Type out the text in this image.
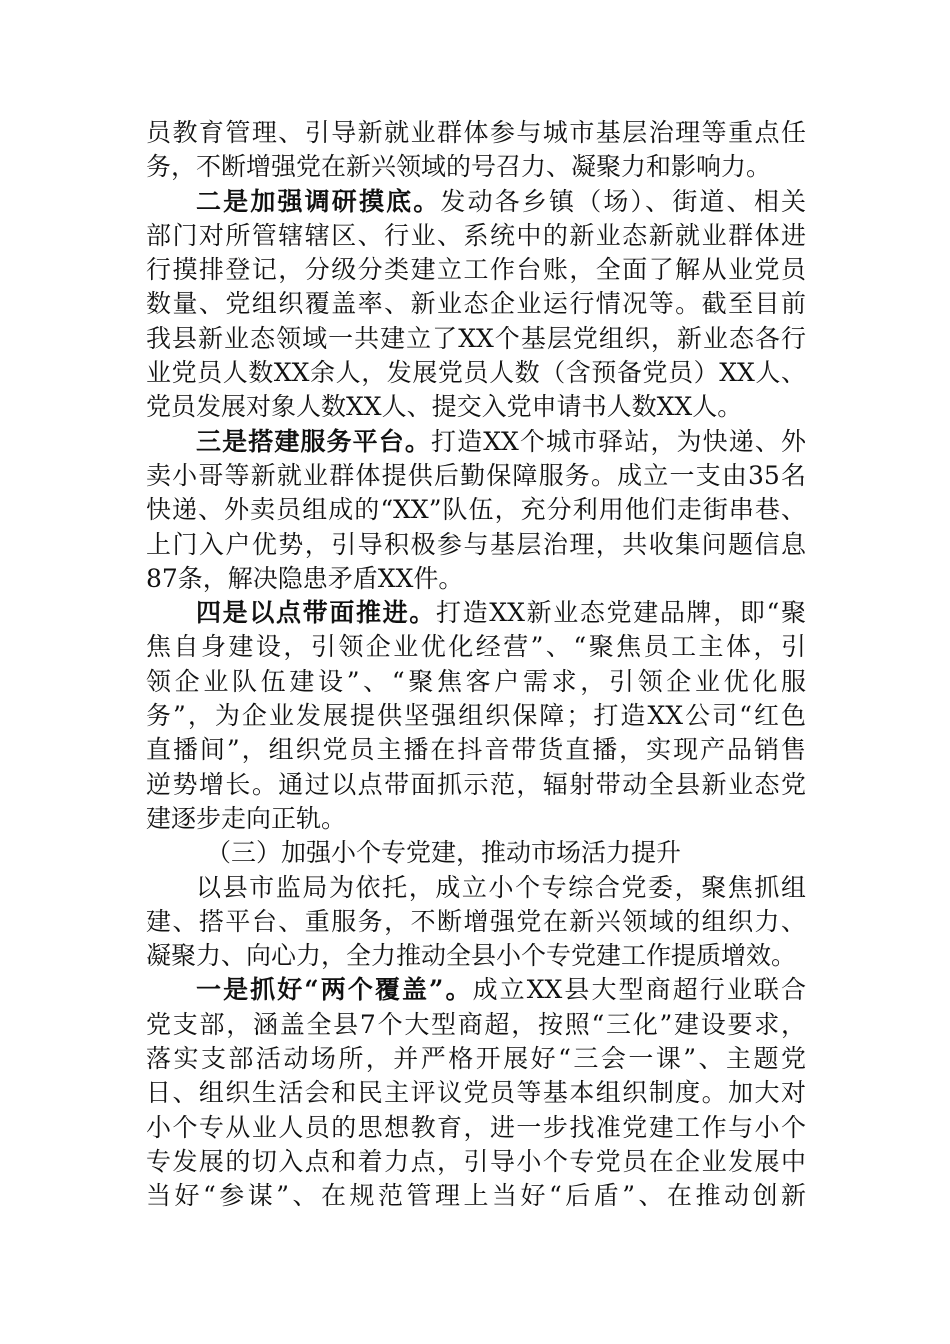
员教育管理、引导新就业群体参与城市基层治理等重点任
务，不断增强党在新兴领域的号召力、凝聚力和影响力。
二是加强调研摸底。发动各乡镇（场）、街道、相关
部门对所管辖辖区、行业、系统中的新业态新就业群体进
行摸排登记，分级分类建立工作台账，全面了解从业党员
数量、党组织覆盖率、新业态企业运行情况等。截至目前
我县新业态领域一共建立了XX个基层党组织，新业态各行
业党员人数XX余人，发展党员人数（含预备党员）XX人、
党员发展对象人数XX人、提交入党申请书人数XX人。
三是搭建服务平台。打造XX个城市驿站，为快递、外
卖小哥等新就业群体提供后勤保障服务。成立一支由35名
快递、外卖员组成的“XX”队伍，充分利用他们走街串巷、
上门入户优势，引导积极参与基层治理，共收集问题信息
87条，解决隐患矛盾XX件。
四是以点带面推进。打造XX新业态党建品牌，即“聚
焦自身建设，引领企业优化经营”、“聚焦员工主体，引
领企业队伍建设”、“聚焦客户需求，引领企业优化服
务”，为企业发展提供坚强组织保障；打造XX公司“红色
直播间”，组织党员主播在抖音带货直播，实现产品销售
逆势增长。通过以点带面抓示范，辐射带动全县新业态党
建逐步走向正轨。
（三）加强小个专党建，推动市场活力提升
以县市监局为依托，成立小个专综合党委，聚焦抓组
建、搭平台、重服务，不断增强党在新兴领域的组织力、
凝聚力、向心力，全力推动全县小个专党建工作提质增效。
一是抓好“两个覆盖”。成立XX县大型商超行业联合
党支部，涵盖全县7个大型商超，按照“三化”建设要求，
落实支部活动场所，并严格开展好“三会一课”、主题党
日、组织生活会和民主评议党员等基本组织制度。加大对
小个专从业人员的思想教育，进一步找准党建工作与小个
专发展的切入点和着力点，引导小个专党员在企业发展中
当好“参谋”、在规范管理上当好“后盾”、在推动创新
